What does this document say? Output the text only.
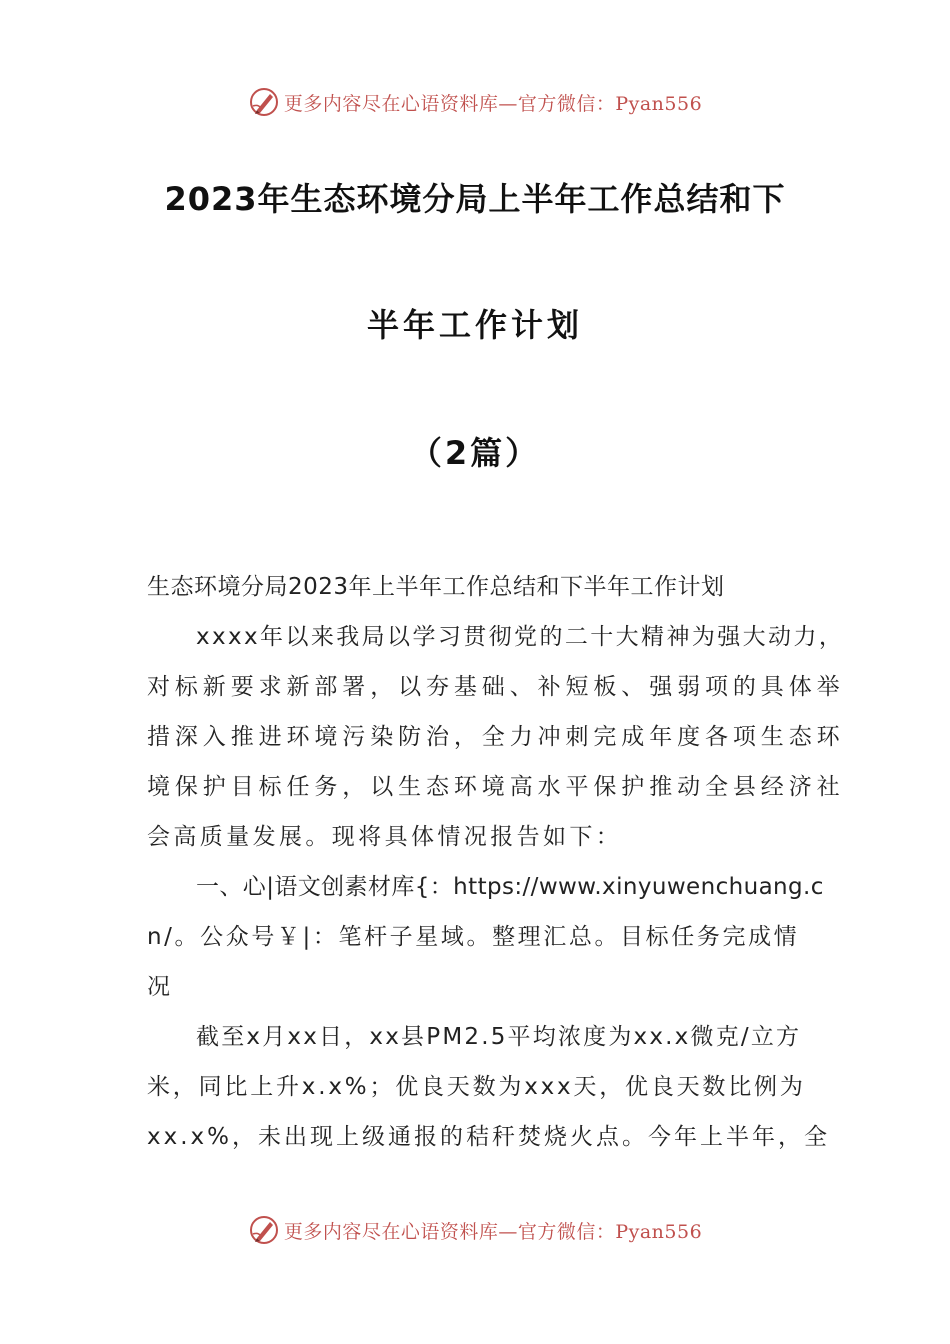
更多内容尽在心语资料库—官方微信：Pyan556
2023年生态环境分局上半年工作总结和下
半年工作计划
（2篇）
生态环境分局2023年上半年工作总结和下半年工作计划
xxxx年以来我局以学习贯彻党的二十大精神为强大动力，
对标新要求新部署，以夯基础、补短板、强弱项的具体举
措深入推进环境污染防治，全力冲刺完成年度各项生态环
境保护目标任务，以生态环境高水平保护推动全县经济社
会高质量发展。现将具体情况报告如下：
一、心|语文创素材库{：https://www.xinyuwenchuang.c
n/。公众号￥|：笔杆子星域。整理汇总。目标任务完成情
况
截至x月xx日，xx县PM2.5平均浓度为xx.x微克/立方
米，同比上升x.x%；优良天数为xxx天，优良天数比例为
xx.x%，未出现上级通报的秸秆焚烧火点。今年上半年，全
更多内容尽在心语资料库—官方微信：Pyan556
